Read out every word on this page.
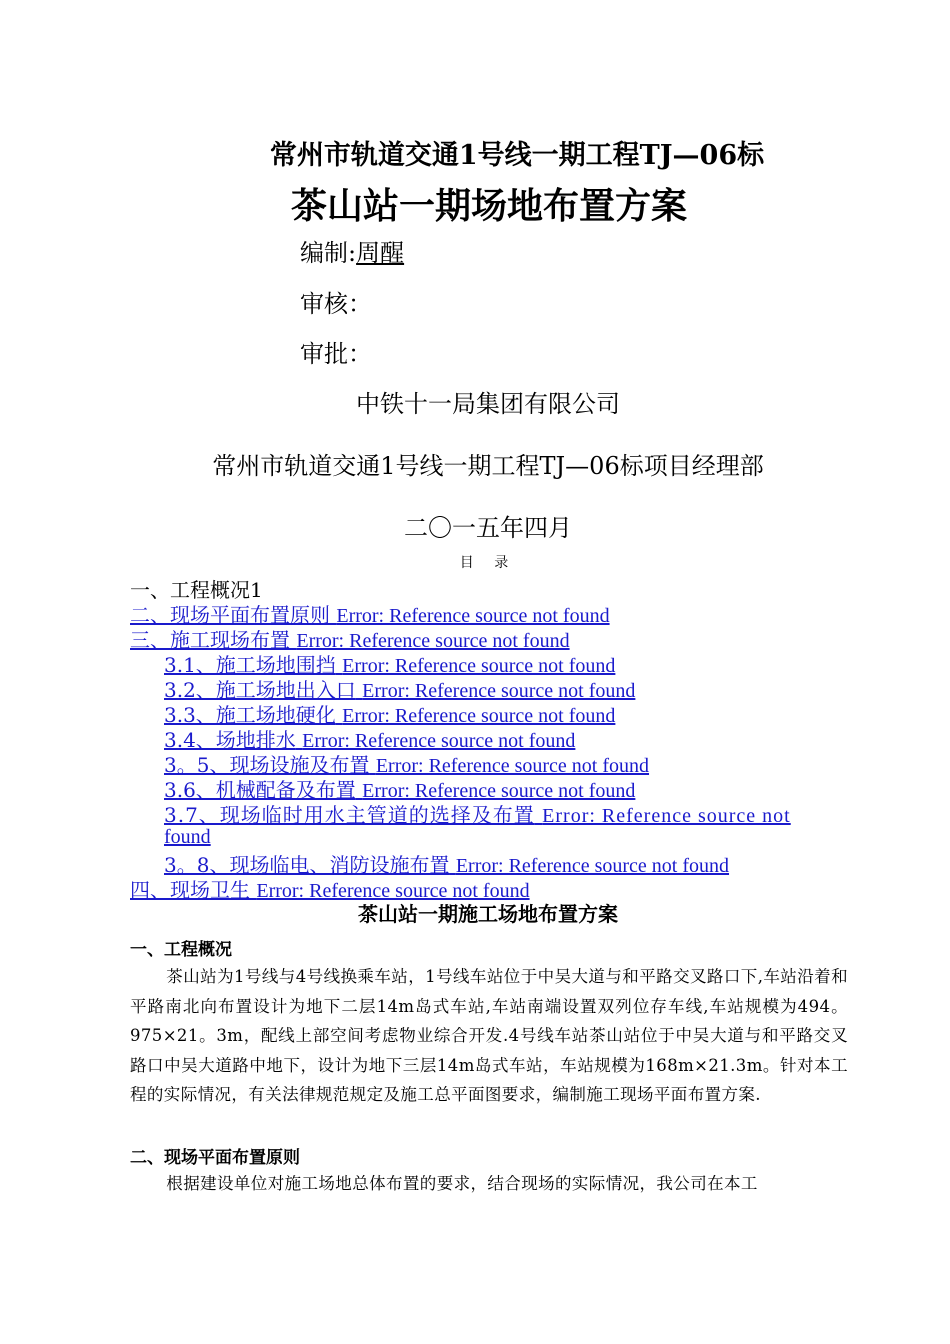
常州市轨道交通1号线一期工程TJ—06标
茶山站一期场地布置方案
编制:周醒
审核：
审批：
中铁十一局集团有限公司
常州市轨道交通1号线一期工程TJ—06标项目经理部
二〇一五年四月
目 录
一、工程概况1
二、现场平面布置原则 Error: Reference source not found
三、施工现场布置 Error: Reference source not found
3.1、施工场地围挡 Error: Reference source not found
3.2、施工场地出入口 Error: Reference source not found
3.3、施工场地硬化 Error: Reference source not found
3.4、场地排水 Error: Reference source not found
3。5、现场设施及布置 Error: Reference source not found
3.6、机械配备及布置 Error: Reference source not found
3.7、现场临时用水主管道的选择及布置 Error: Reference source not
found
3。8、现场临电、消防设施布置 Error: Reference source not found
四、现场卫生 Error: Reference source not found
茶山站一期施工场地布置方案
一、工程概况
茶山站为1号线与4号线换乘车站，1号线车站位于中吴大道与和平路交叉路口下,车站沿着和平路南北向布置设计为地下二层14m岛式车站,车站南端设置双列位存车线,车站规模为494。975×21。3m，配线上部空间考虑物业综合开发.4号线车站茶山站位于中吴大道与和平路交叉路口中吴大道路中地下，设计为地下三层14m岛式车站，车站规模为168m×21.3m。针对本工程的实际情况，有关法律规范规定及施工总平面图要求，编制施工现场平面布置方案.
二、现场平面布置原则
根据建设单位对施工场地总体布置的要求，结合现场的实际情况，我公司在本工
